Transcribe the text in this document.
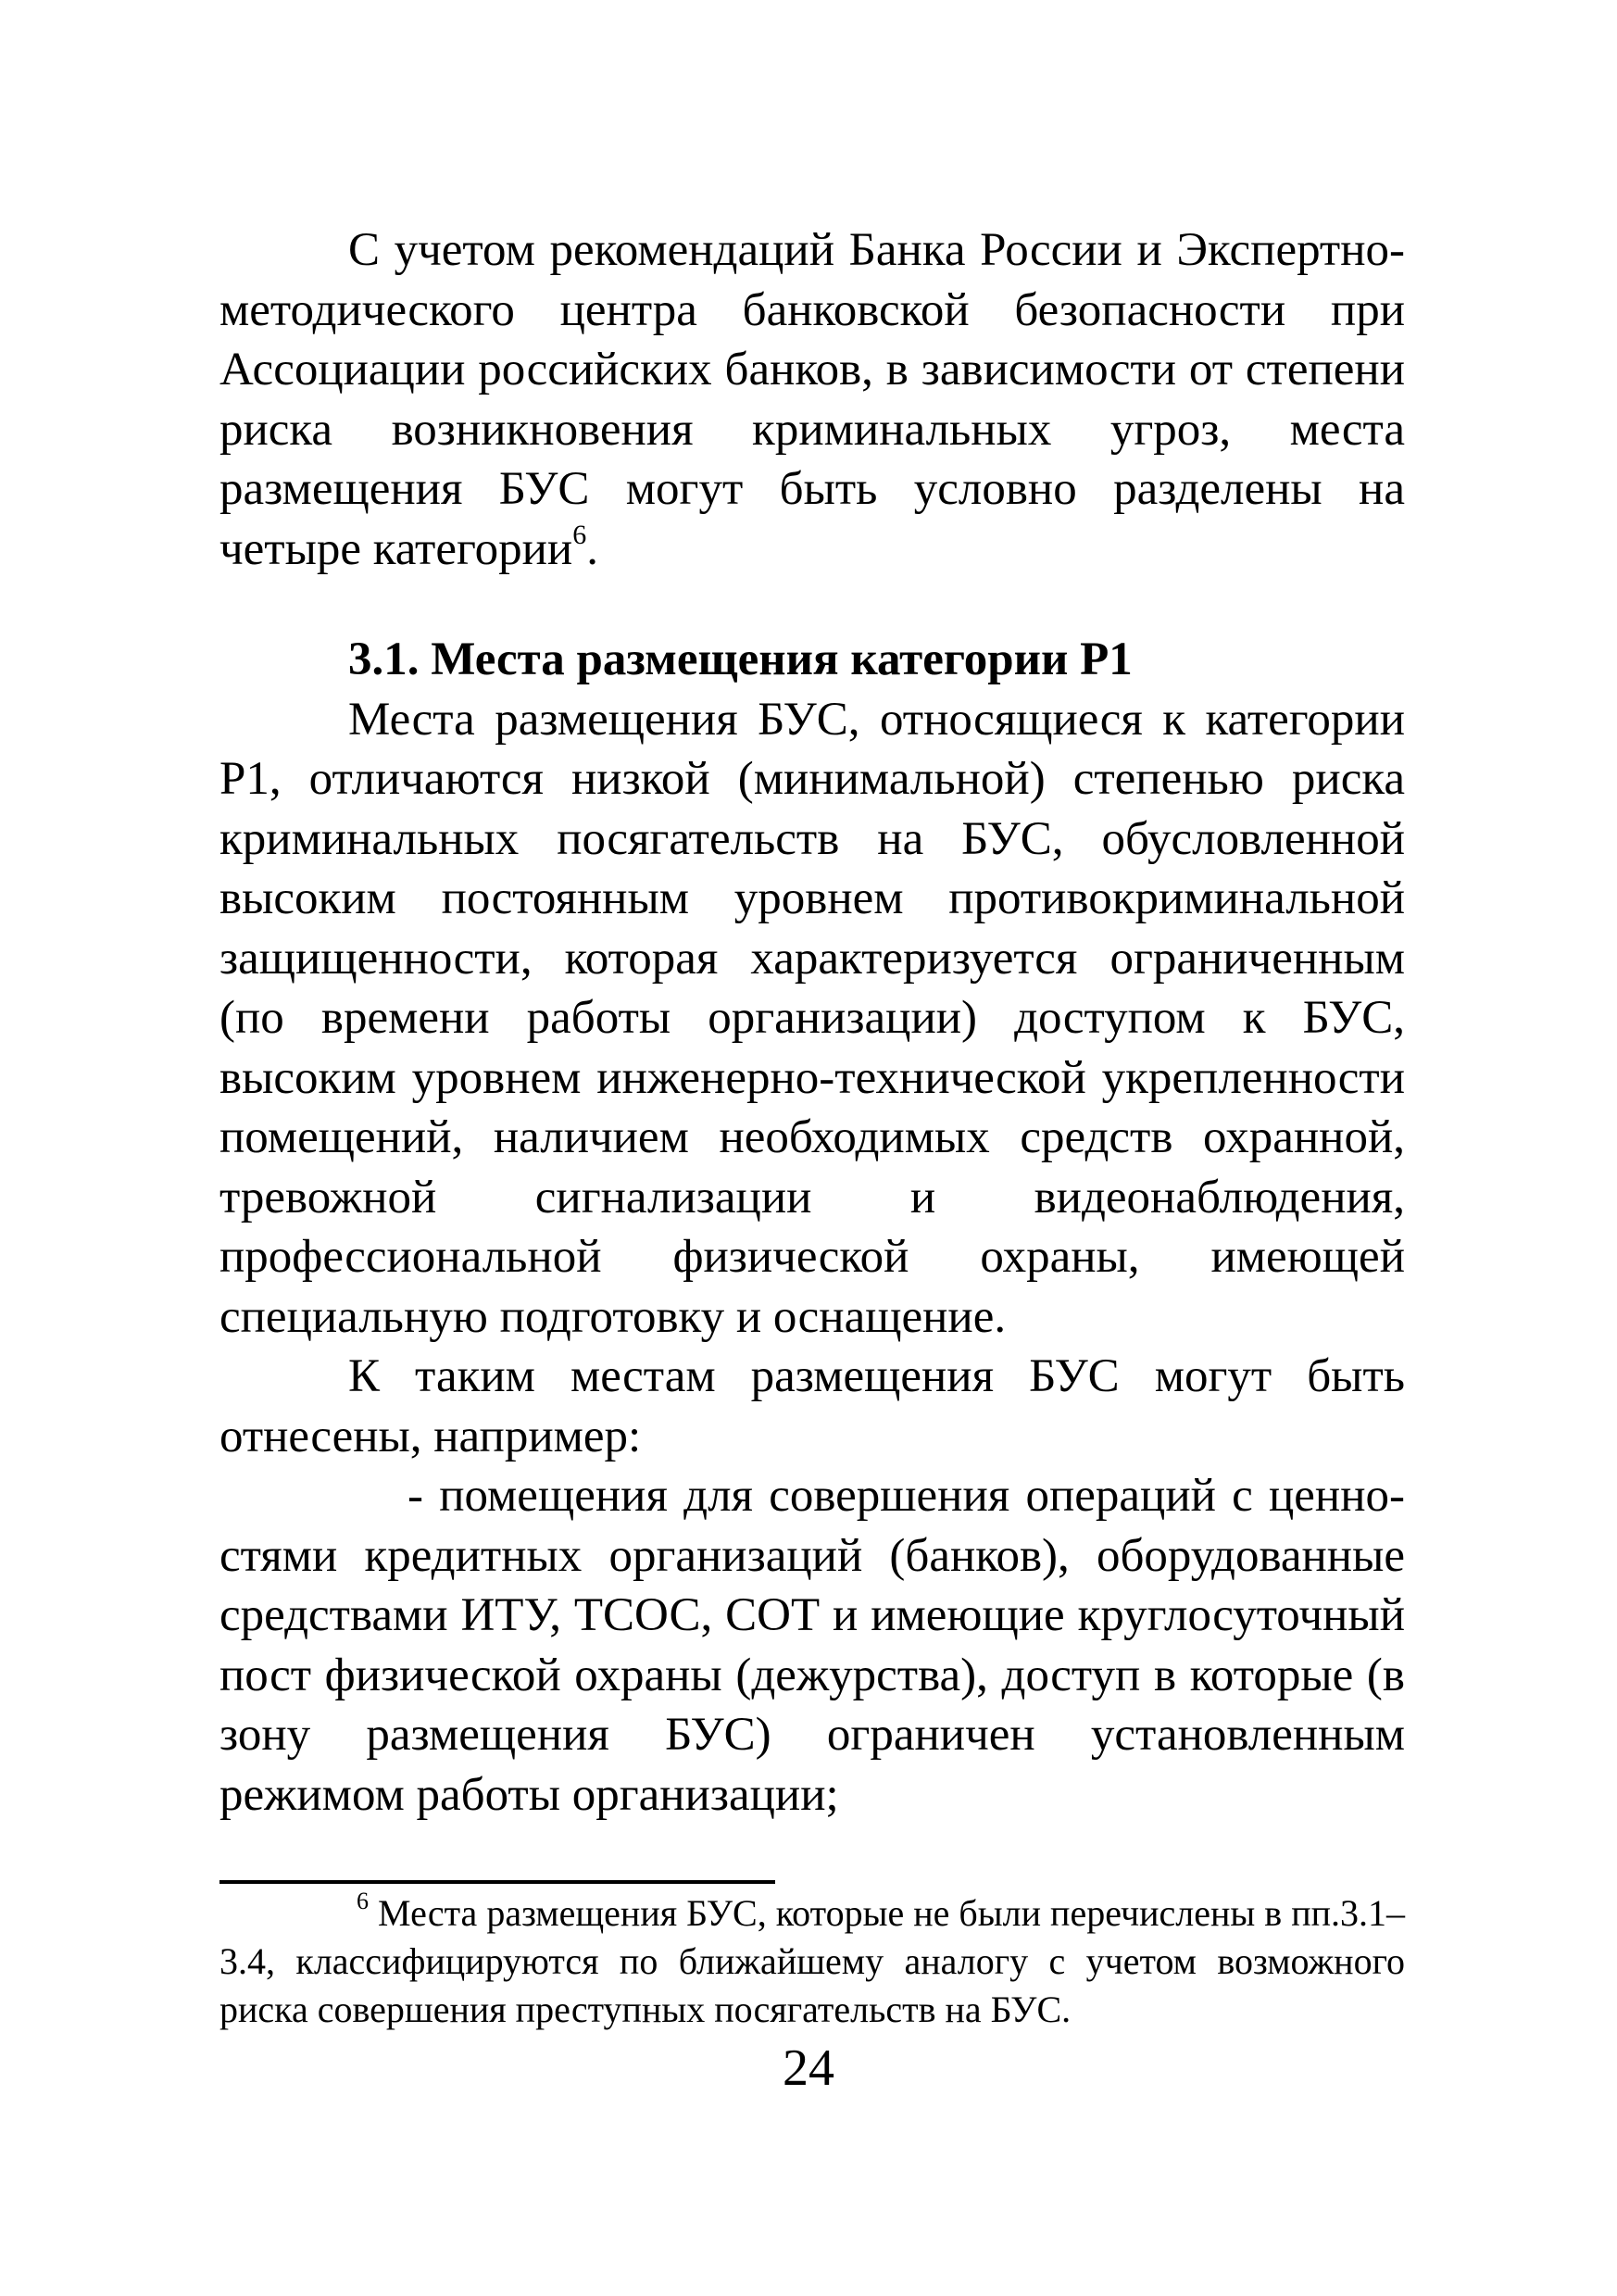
С учетом рекомендаций Банка России и Экспертно-методического центра банковской безопасности при Ассоциации российских банков, в зависимости от степени риска возникновения криминальных угроз, места размещения БУС могут быть условно разделены на четыре категории$^6$.

3.1. Места размещения категории Р1

Места размещения БУС, относящиеся к категории Р1, отличаются низкой (минимальной) степенью риска криминальных посягательств на БУС, обусловленной высоким постоянным уровнем противокриминальной защищенности, которая характеризуется ограниченным (по времени работы организации) доступом к БУС, высоким уровнем инженерно-технической укрепленности помещений, наличием необходимых средств охранной, тревожной сигнализации и видеонаблюдения, профессиональной физической охраны, имеющей специальную подготовку и оснащение.

К таким местам размещения БУС могут быть отнесены, например:

- помещения для совершения операций с ценностями кредитных организаций (банков), оборудованные средствами ИТУ, ТСОС, СОТ и имеющие круглосуточный пост физической охраны (дежурства), доступ в которые (в зону размещения БУС) ограничен установленным режимом работы организации;

$^6$ Места размещения БУС, которые не были перечислены в пп.3.1–3.4, классифицируются по ближайшему аналогу с учетом возможного риска совершения преступных посягательств на БУС.

24
